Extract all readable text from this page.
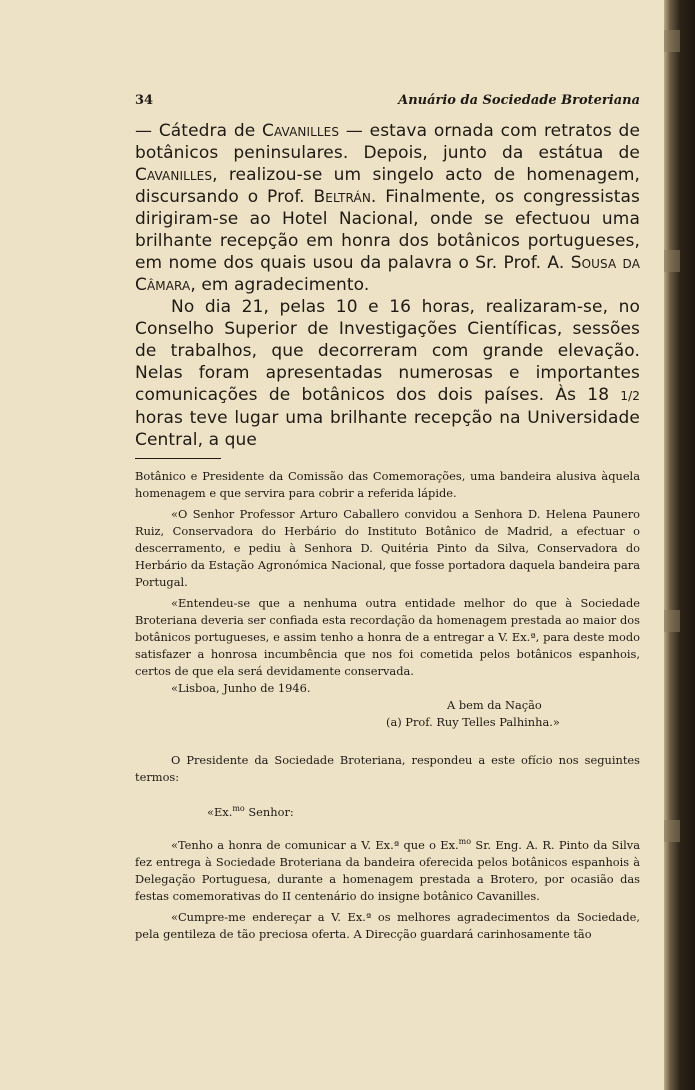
34	Anuário da Sociedade Broteriana

— Cátedra de Cavanilles — estava ornada com retratos de botânicos peninsulares. Depois, junto da estátua de Cavanilles, realizou-se um singelo acto de homenagem, discursando o Prof. Beltrán. Finalmente, os congressistas dirigiram-se ao Hotel Nacional, onde se efectuou uma brilhante recepção em honra dos botânicos portugueses, em nome dos quais usou da palavra o Sr. Prof. A. Sousa da Câmara, em agradecimento.

No dia 21, pelas 10 e 16 horas, realizaram-se, no Conselho Superior de Investigações Científicas, sessões de trabalhos, que decorreram com grande elevação. Nelas foram apresentadas numerosas e importantes comunicações de botânicos dos dois países. Às 18 1/2 horas teve lugar uma brilhante recepção na Universidade Central, a que

Botânico e Presidente da Comissão das Comemorações, uma bandeira alusiva àquela homenagem e que servira para cobrir a referida lápide.

«O Senhor Professor Arturo Caballero convidou a Senhora D. Helena Paunero Ruiz, Conservadora do Herbário do Instituto Botânico de Madrid, a efectuar o descerramento, e pediu à Senhora D. Quitéria Pinto da Silva, Conservadora do Herbário da Estação Agronómica Nacional, que fosse portadora daquela bandeira para Portugal.

«Entendeu-se que a nenhuma outra entidade melhor do que à Sociedade Broteriana deveria ser confiada esta recordação da homenagem prestada ao maior dos botânicos portugueses, e assim tenho a honra de a entregar a V. Ex.ª, para deste modo satisfazer a honrosa incumbência que nos foi cometida pelos botânicos espanhois, certos de que ela será devidamente conservada.

«Lisboa, Junho de 1946.

A bem da Nação

(a) Prof. Ruy Telles Palhinha.»

O Presidente da Sociedade Broteriana, respondeu a este ofício nos seguintes termos:

«Ex.$^{mo}$ Senhor:

«Tenho a honra de comunicar a V. Ex.ª que o Ex.$^{mo}$ Sr. Eng. A. R. Pinto da Silva fez entrega à Sociedade Broteriana da bandeira oferecida pelos botânicos espanhois à Delegação Portuguesa, durante a homenagem prestada a Brotero, por ocasião das festas comemorativas do II centenário do insigne botânico Cavanilles.

«Cumpre-me endereçar a V. Ex.ª os melhores agradecimentos da Sociedade, pela gentileza de tão preciosa oferta. A Direcção guardará carinhosamente tão
